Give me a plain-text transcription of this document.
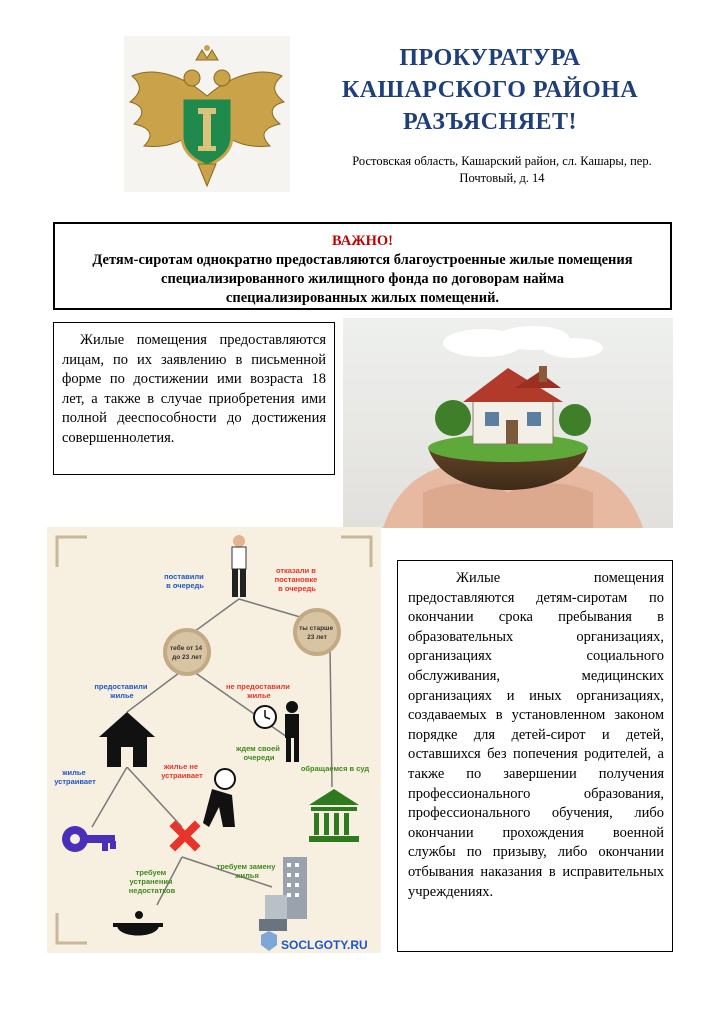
ПРОКУРАТУРА
КАШАРСКОГО РАЙОНА
РАЗЪЯСНЯЕТ!
Ростовская область, Кашарский район, сл. Кашары, пер.
Почтовый, д. 14
ВАЖНО!
Детям-сиротам однократно предоставляются благоустроенные жилые помещения
специализированного жилищного фонда по договорам найма
специализированных жилых помещений.
Жилые помещения предоставляются лицам, по их заявлению в письменной форме по достижении ими возраста 18 лет, а также в случае приобретения ими полной дееспособности до достижения совершеннолетия.
поставили в очередь
отказали в постановке в очередь
тебе от 14 до 23 лет
ты старше 23 лет
предоставили жилье
не предоставили жилье
ждем своей очереди
обращаемся в суд
жилье устраивает
жилье не устраивает
требуем устранения недостатков
требуем замену жилья
SOCLGOTY.RU
Жилые помещения предоставляются детям-сиротам по окончании срока пребывания в образовательных организациях, организациях социального обслуживания, медицинских организациях и иных организациях, создаваемых в установленном законом порядке для детей-сирот и детей, оставшихся без попечения родителей, а также по завершении получения профессионального образования, профессионального обучения, либо окончании прохождения военной службы по призыву, либо окончании отбывания наказания в исправительных учреждениях.
